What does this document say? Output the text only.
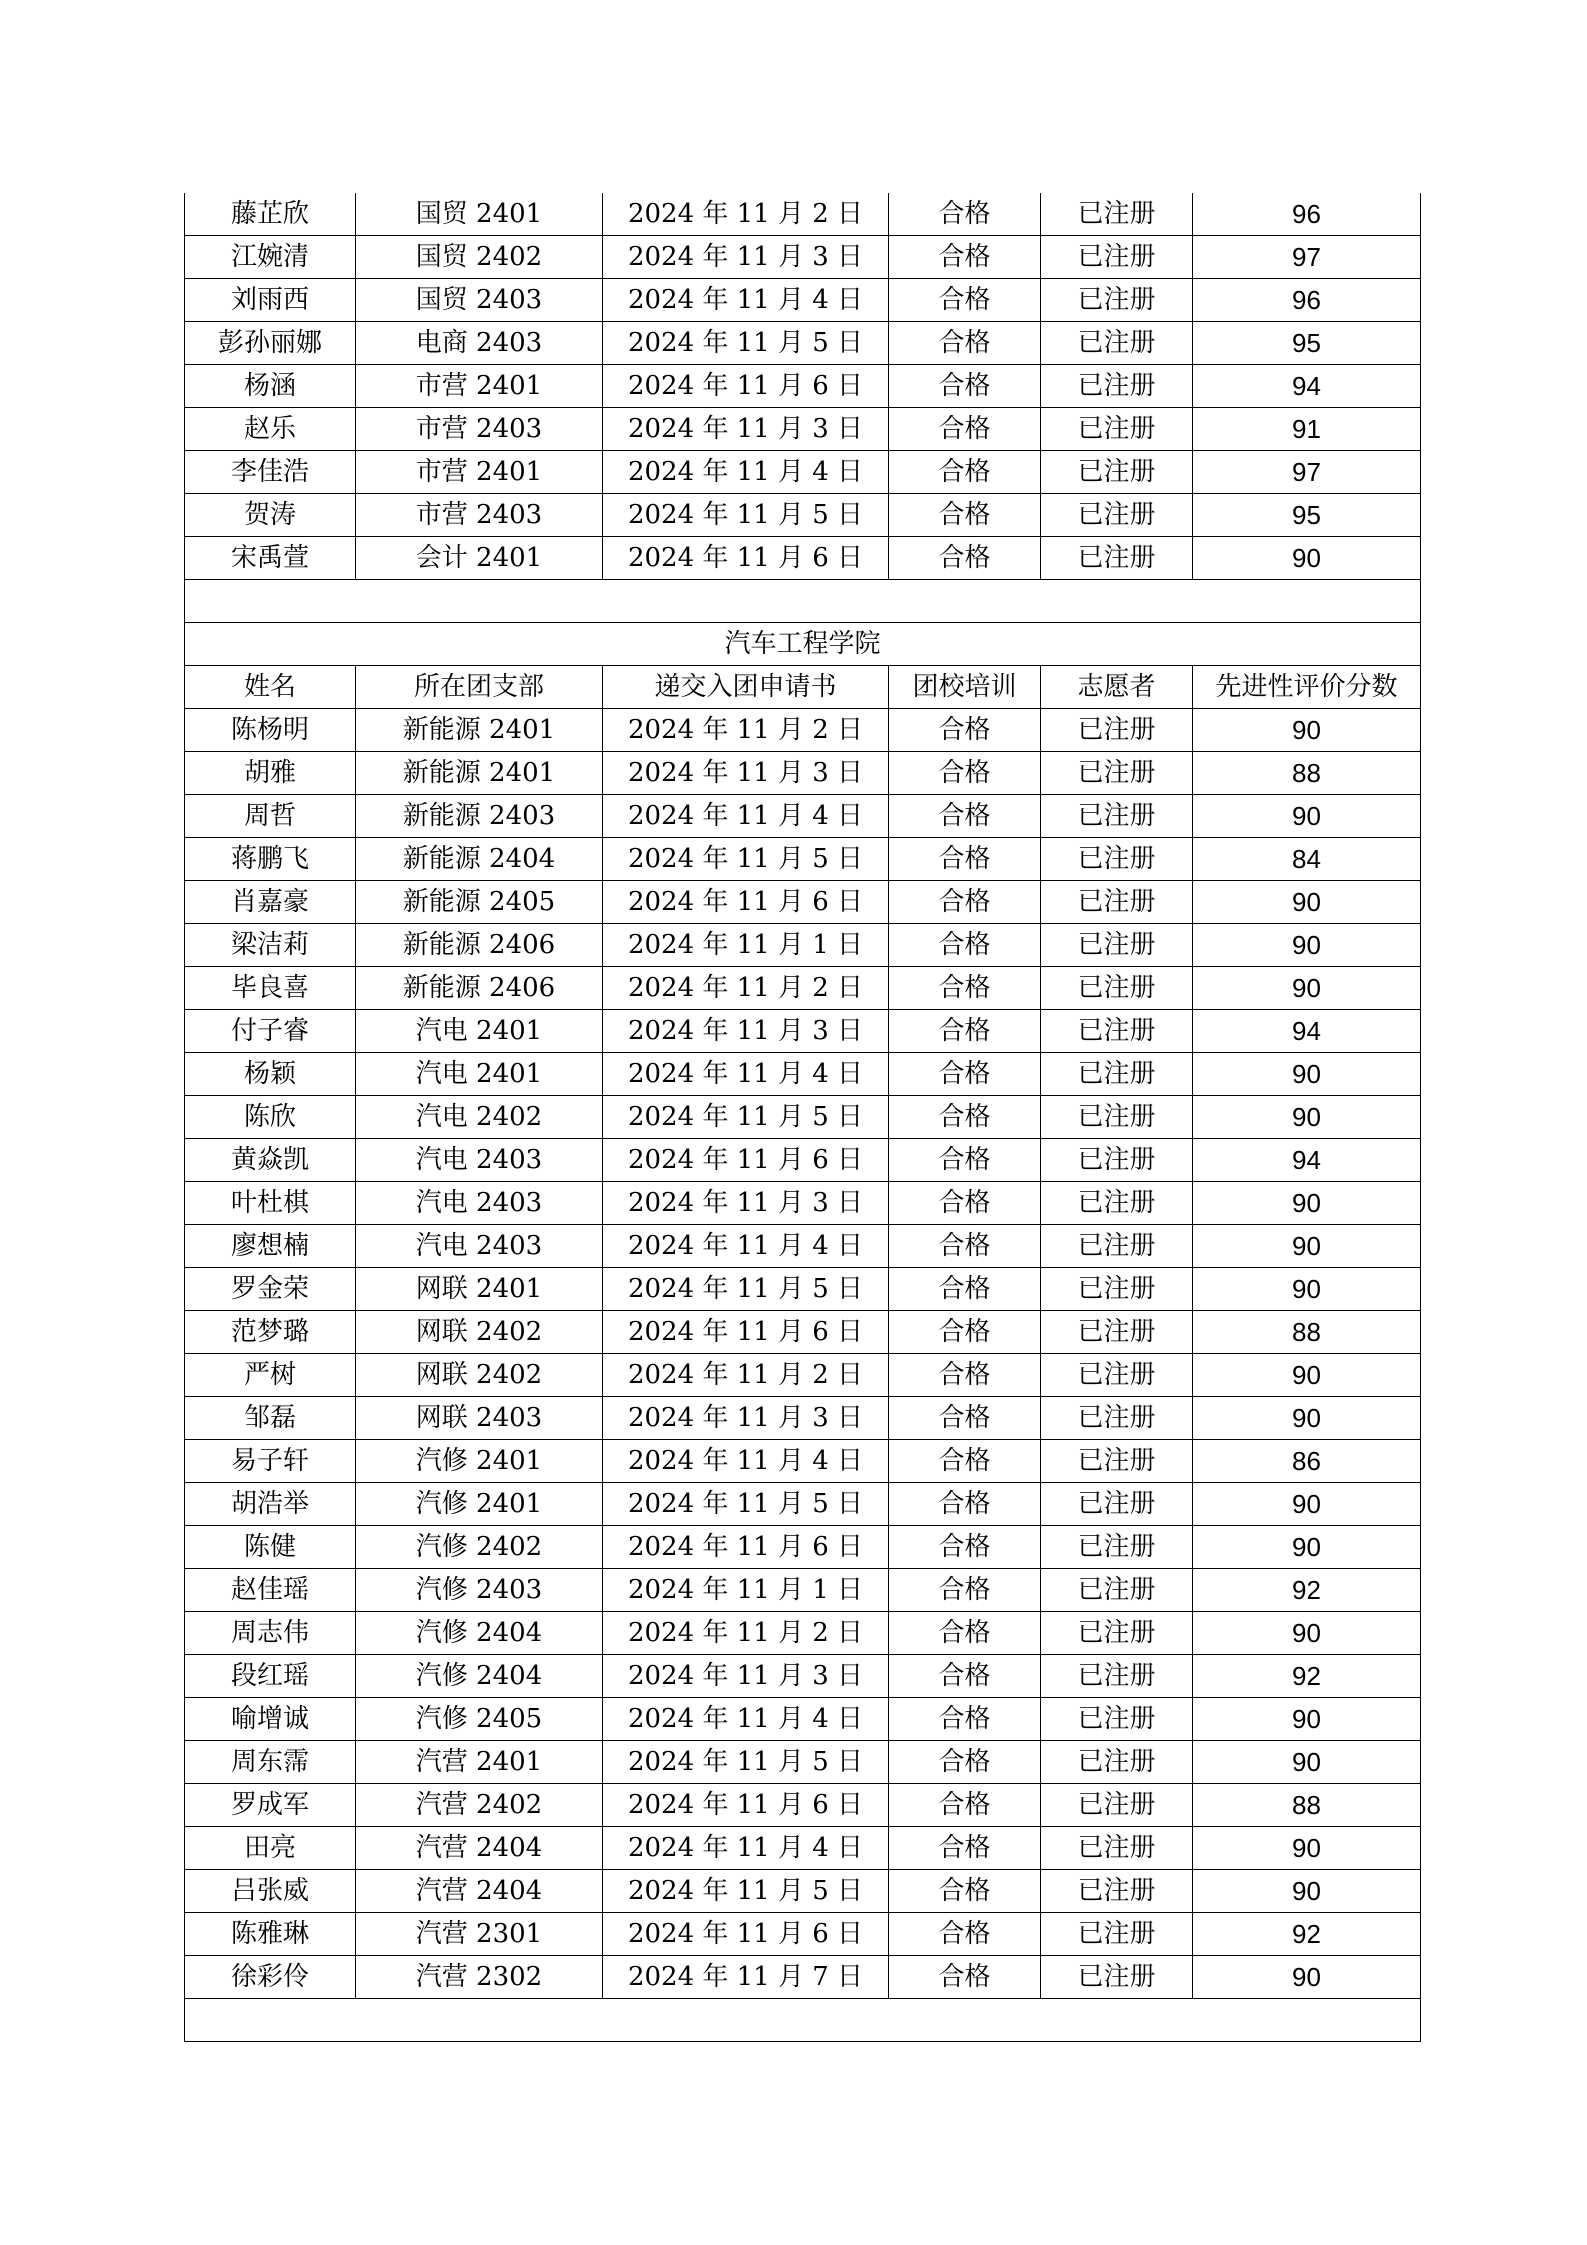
藤芷欣	国贸 2401	2024 年 11 月 2 日	合格	已注册	96
江婉清	国贸 2402	2024 年 11 月 3 日	合格	已注册	97
刘雨西	国贸 2403	2024 年 11 月 4 日	合格	已注册	96
彭孙丽娜	电商 2403	2024 年 11 月 5 日	合格	已注册	95
杨涵	市营 2401	2024 年 11 月 6 日	合格	已注册	94
赵乐	市营 2403	2024 年 11 月 3 日	合格	已注册	91
李佳浩	市营 2401	2024 年 11 月 4 日	合格	已注册	97
贺涛	市营 2403	2024 年 11 月 5 日	合格	已注册	95
宋禹萱	会计 2401	2024 年 11 月 6 日	合格	已注册	90

汽车工程学院					
姓名	所在团支部	递交入团申请书	团校培训	志愿者	先进性评价分数
陈杨明	新能源 2401	2024 年 11 月 2 日	合格	已注册	90
胡雅	新能源 2401	2024 年 11 月 3 日	合格	已注册	88
周哲	新能源 2403	2024 年 11 月 4 日	合格	已注册	90
蒋鹏飞	新能源 2404	2024 年 11 月 5 日	合格	已注册	84
肖嘉豪	新能源 2405	2024 年 11 月 6 日	合格	已注册	90
梁洁莉	新能源 2406	2024 年 11 月 1 日	合格	已注册	90
毕良喜	新能源 2406	2024 年 11 月 2 日	合格	已注册	90
付子睿	汽电 2401	2024 年 11 月 3 日	合格	已注册	94
杨颖	汽电 2401	2024 年 11 月 4 日	合格	已注册	90
陈欣	汽电 2402	2024 年 11 月 5 日	合格	已注册	90
黄焱凯	汽电 2403	2024 年 11 月 6 日	合格	已注册	94
叶杜棋	汽电 2403	2024 年 11 月 3 日	合格	已注册	90
廖想楠	汽电 2403	2024 年 11 月 4 日	合格	已注册	90
罗金荣	网联 2401	2024 年 11 月 5 日	合格	已注册	90
范梦璐	网联 2402	2024 年 11 月 6 日	合格	已注册	88
严树	网联 2402	2024 年 11 月 2 日	合格	已注册	90
邹磊	网联 2403	2024 年 11 月 3 日	合格	已注册	90
易子轩	汽修 2401	2024 年 11 月 4 日	合格	已注册	86
胡浩举	汽修 2401	2024 年 11 月 5 日	合格	已注册	90
陈健	汽修 2402	2024 年 11 月 6 日	合格	已注册	90
赵佳瑶	汽修 2403	2024 年 11 月 1 日	合格	已注册	92
周志伟	汽修 2404	2024 年 11 月 2 日	合格	已注册	90
段红瑶	汽修 2404	2024 年 11 月 3 日	合格	已注册	92
喻增诚	汽修 2405	2024 年 11 月 4 日	合格	已注册	90
周东霈	汽营 2401	2024 年 11 月 5 日	合格	已注册	90
罗成军	汽营 2402	2024 年 11 月 6 日	合格	已注册	88
田亮	汽营 2404	2024 年 11 月 4 日	合格	已注册	90
吕张威	汽营 2404	2024 年 11 月 5 日	合格	已注册	90
陈雅琳	汽营 2301	2024 年 11 月 6 日	合格	已注册	92
徐彩伶	汽营 2302	2024 年 11 月 7 日	合格	已注册	90
